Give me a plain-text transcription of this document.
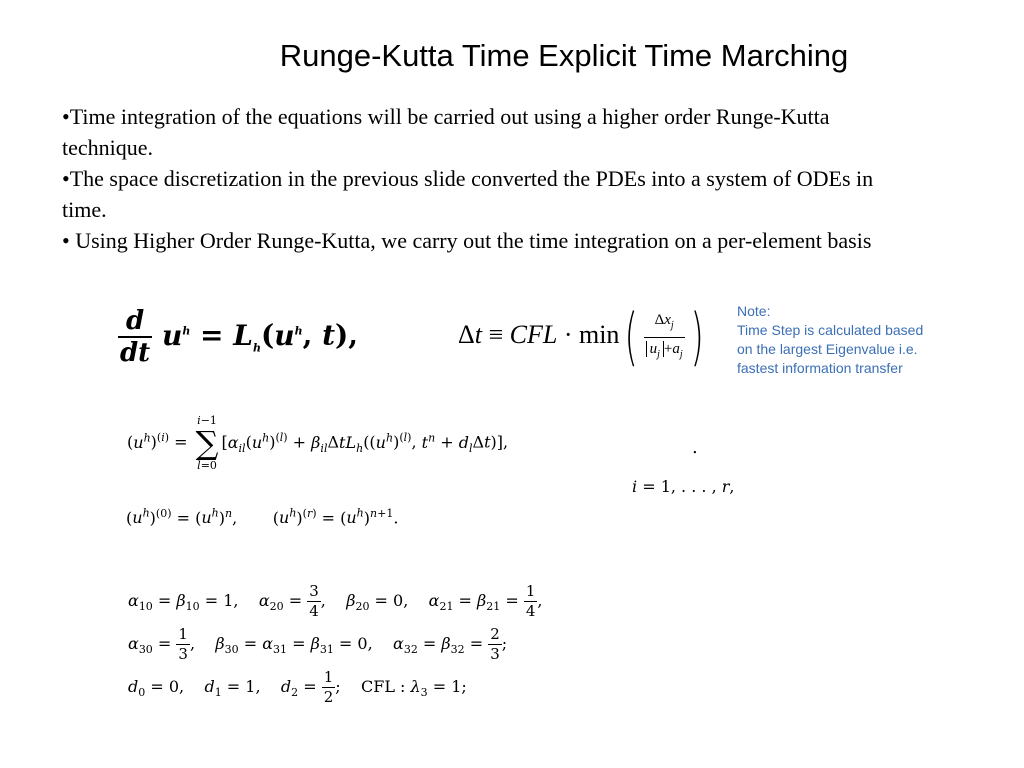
Runge-Kutta Time Explicit Time Marching

•Time integration of the equations will be carried out using a higher order Runge-Kutta technique.

•The space discretization in the previous slide converted the PDEs into a system of ODEs in time.

• Using Higher Order Runge-Kutta, we carry out the time integration on a per-element basis

$\frac{d}{dt} u^h = L_h(u^h$, t),	Δt ≡ CFL · $\min( \frac{\Delta x_j}{u_j +a_j}$ )	Note:
Time Step is calculated based
on the largest Eigenvalue i.e.
fastest information transfer
$(u^h)^{(i)} = i-1$
∑
$l=0[\alpha_{il}(u^h)^{(l)} + \beta_{il}\Delta tL_h((u^h)^{(l)}$, $t^n + d_l\Delta t$)],	.
i = 1, . . . , r,
$(u^h)^{(0)} = (u^h)^n$,       $(u^h)^{(r)} = (u^h)^{n+1}$.
$\alpha_{10} = \beta_{10} = 1$,    $\alpha_{20} = \frac{3}{4}$ ,    $\beta_{20} = 0$,    $\alpha_{21} = \beta_{21} = \frac{1}{4}$ ,
$\alpha_{30} = \frac{1}{3}$ ,    $\beta_{30} = \alpha_{31} = \beta_{31} = 0$,    $\alpha_{32} = \beta_{32} = \frac{2}{3}$ ;
$d_0 = 0$,    $d_1 = 1$,    $d_2 = \frac{1}{2}$ ;    CFL : $\lambda_3 = 1$;
